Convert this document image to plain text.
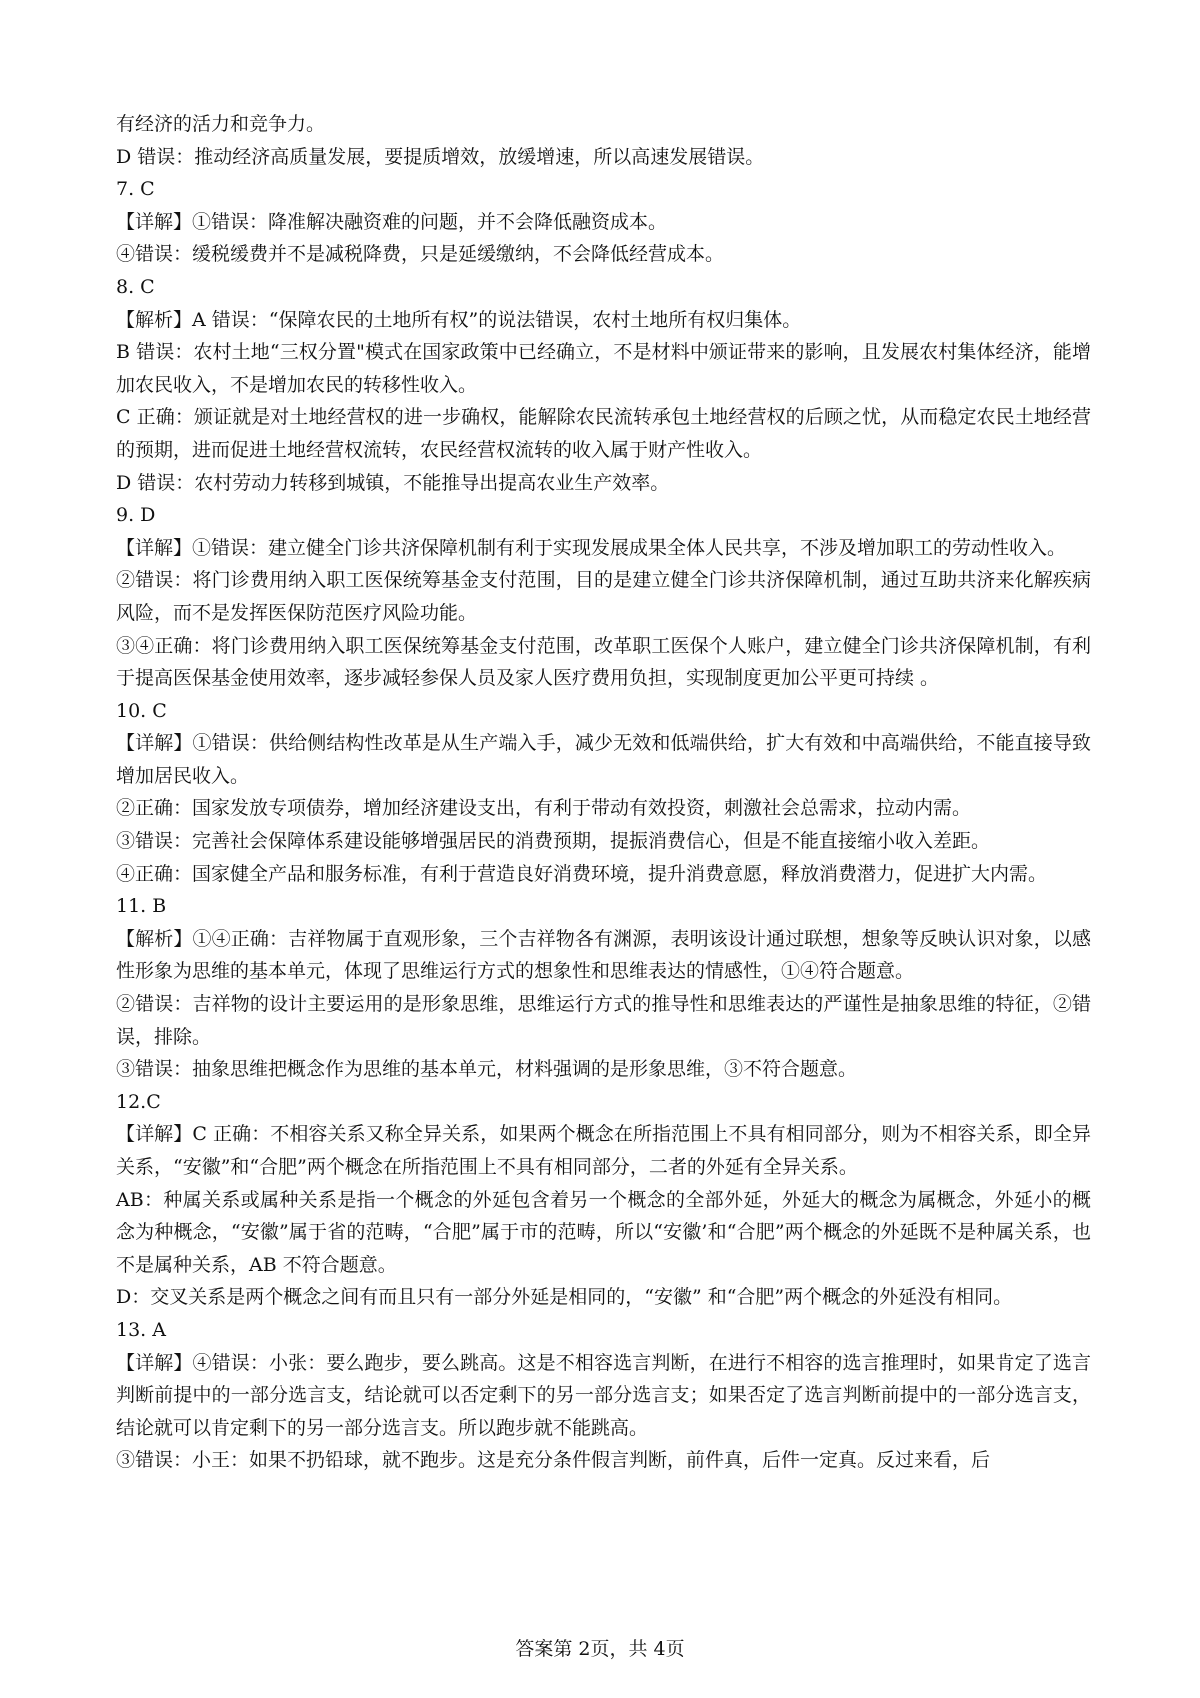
有经济的活力和竞争力。

D 错误：推动经济高质量发展，要提质增效，放缓增速，所以高速发展错误。

7. C

【详解】①错误：降准解决融资难的问题，并不会降低融资成本。

④错误：缓税缓费并不是减税降费，只是延缓缴纳，不会降低经营成本。

8. C

【解析】A 错误：“保障农民的土地所有权”的说法错误，农村土地所有权归集体。

B 错误：农村土地“三权分置"模式在国家政策中已经确立，不是材料中颁证带来的影响，且发展农村集体经济，能增加农民收入，不是增加农民的转移性收入。

C 正确：颁证就是对土地经营权的进一步确权，能解除农民流转承包土地经营权的后顾之忧，从而稳定农民土地经营的预期，进而促进土地经营权流转，农民经营权流转的收入属于财产性收入。

D 错误：农村劳动力转移到城镇，不能推导出提高农业生产效率。

9. D

【详解】①错误：建立健全门诊共济保障机制有利于实现发展成果全体人民共享，不涉及增加职工的劳动性收入。

②错误：将门诊费用纳入职工医保统筹基金支付范围，目的是建立健全门诊共济保障机制，通过互助共济来化解疾病风险，而不是发挥医保防范医疗风险功能。

③④正确：将门诊费用纳入职工医保统筹基金支付范围，改革职工医保个人账户，建立健全门诊共济保障机制，有利于提高医保基金使用效率，逐步减轻参保人员及家人医疗费用负担，实现制度更加公平更可持续 。

10. C

【详解】①错误：供给侧结构性改革是从生产端入手，减少无效和低端供给，扩大有效和中高端供给，不能直接导致增加居民收入。

②正确：国家发放专项债券，增加经济建设支出，有利于带动有效投资，刺激社会总需求，拉动内需。

③错误：完善社会保障体系建设能够增强居民的消费预期，提振消费信心，但是不能直接缩小收入差距。

④正确：国家健全产品和服务标准，有利于营造良好消费环境，提升消费意愿，释放消费潜力，促进扩大内需。

11. B

【解析】①④正确：吉祥物属于直观形象，三个吉祥物各有渊源，表明该设计通过联想，想象等反映认识对象，以感性形象为思维的基本单元，体现了思维运行方式的想象性和思维表达的情感性，①④符合题意。

②错误：吉祥物的设计主要运用的是形象思维，思维运行方式的推导性和思维表达的严谨性是抽象思维的特征，②错误，排除。

③错误：抽象思维把概念作为思维的基本单元，材料强调的是形象思维，③不符合题意。

12.C

【详解】C 正确：不相容关系又称全异关系，如果两个概念在所指范围上不具有相同部分，则为不相容关系，即全异关系，“安徽”和“合肥”两个概念在所指范围上不具有相同部分，二者的外延有全异关系。

AB：种属关系或属种关系是指一个概念的外延包含着另一个概念的全部外延，外延大的概念为属概念，外延小的概念为种概念，“安徽”属于省的范畴，“合肥”属于市的范畴，所以“安徽’和“合肥”两个概念的外延既不是种属关系，也不是属种关系，AB 不符合题意。

D：交叉关系是两个概念之间有而且只有一部分外延是相同的，“安徽” 和“合肥”两个概念的外延没有相同。

13. A

【详解】④错误：小张：要么跑步，要么跳高。这是不相容选言判断，在进行不相容的选言推理时，如果肯定了选言判断前提中的一部分选言支，结论就可以否定剩下的另一部分选言支；如果否定了选言判断前提中的一部分选言支，结论就可以肯定剩下的另一部分选言支。所以跑步就不能跳高。

③错误：小王：如果不扔铅球，就不跑步。这是充分条件假言判断，前件真，后件一定真。反过来看，后

答案第 2页，共 4页
